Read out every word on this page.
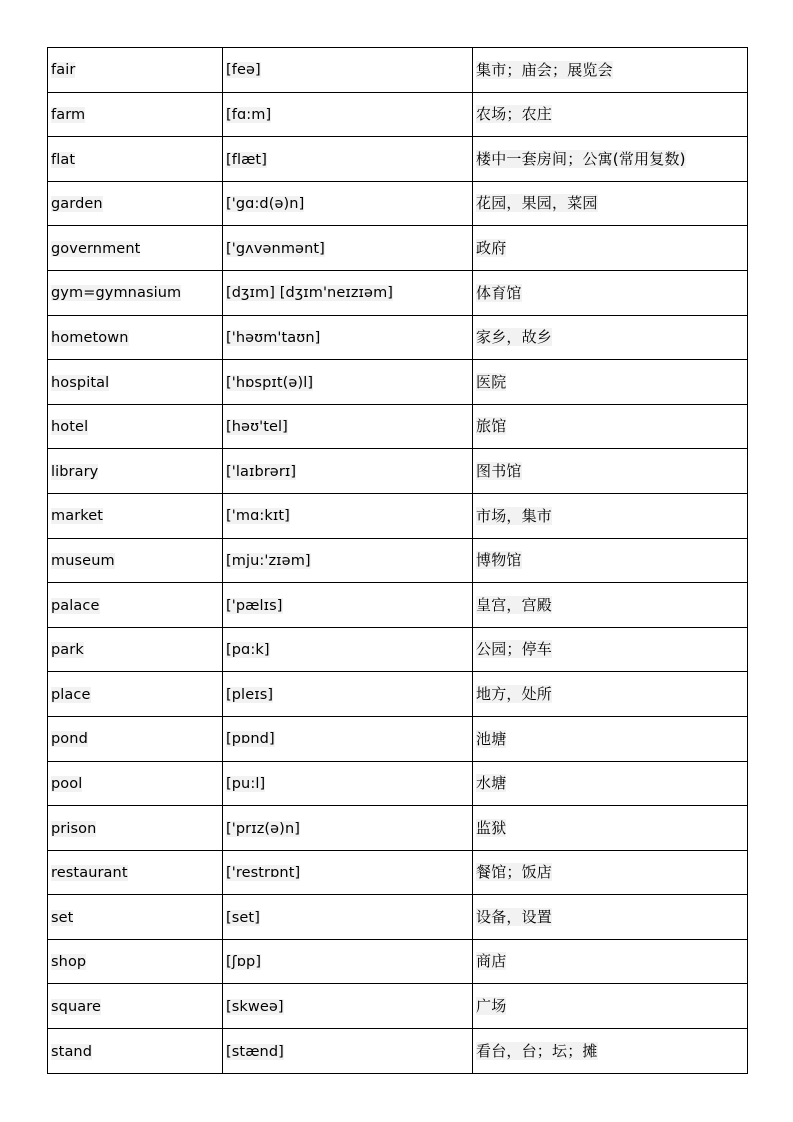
fair	[feə]	集市；庙会；展览会
farm	[fɑ:m]	农场；农庄
flat	[flæt]	楼中一套房间；公寓(常用复数)
garden	['gɑ:d(ə)n]	花园，果园，菜园
government	['gʌvənmənt]	政府
gym=gymnasium	[dʒɪm] [dʒɪm'neɪzɪəm]	体育馆
hometown	['həʊm'taʊn]	家乡，故乡
hospital	['hɒspɪt(ə)l]	医院
hotel	[həʊ'tel]	旅馆
library	['laɪbrərɪ]	图书馆
market	['mɑ:kɪt]	市场，集市
museum	[mju:'zɪəm]	博物馆
palace	['pælɪs]	皇宫，宫殿
park	[pɑ:k]	公园；停车
place	[pleɪs]	地方，处所
pond	[pɒnd]	池塘
pool	[pu:l]	水塘
prison	['prɪz(ə)n]	监狱
restaurant	['restrɒnt]	餐馆；饭店
set	[set]	设备，设置
shop	[ʃɒp]	商店
square	[skweə]	广场
stand	[stænd]	看台，台；坛；摊
